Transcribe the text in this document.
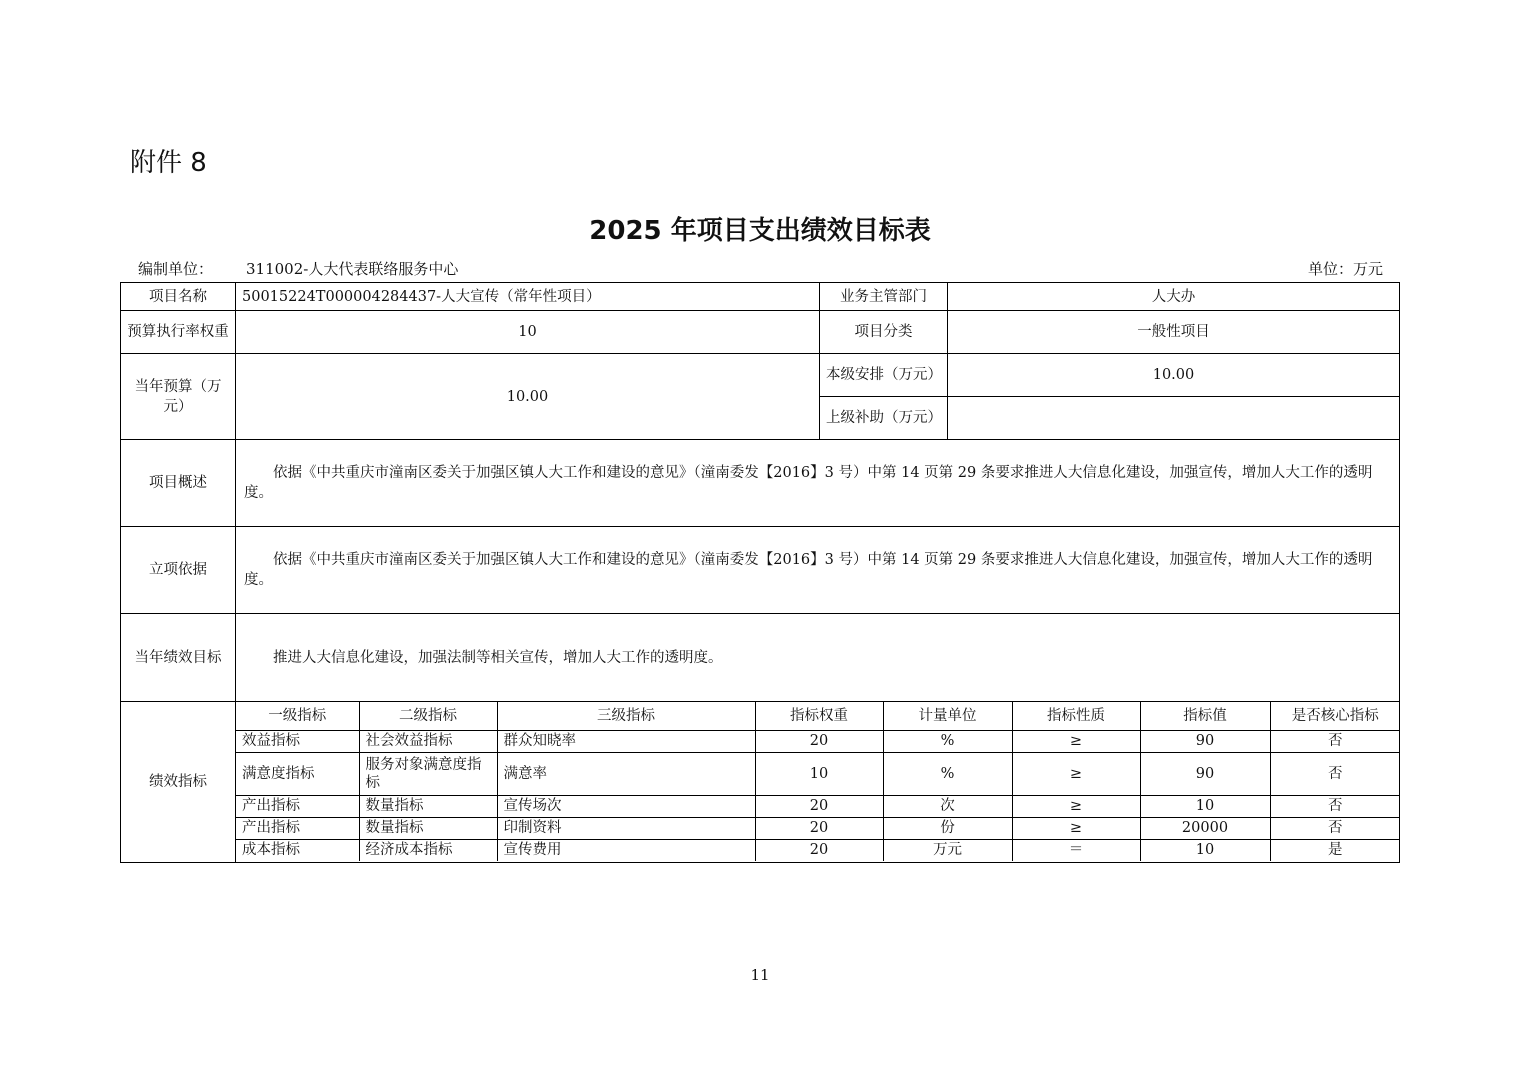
附件 8
2025 年项目支出绩效目标表
编制单位： 311002-人大代表联络服务中心	单位：万元
项目名称	50015224T000004284437-人大宣传（常年性项目）	业务主管部门	人大办
预算执行率权重	10	项目分类	一般性项目
当年预算（万元）	10.00	本级安排（万元）	10.00
上级补助（万元）	
项目概述	依据《中共重庆市潼南区委关于加强区镇人大工作和建设的意见》（潼南委发【2016】3 号）中第 14 页第 29 条要求推进人大信息化建设，加强宣传，增加人大工作的透明度。
立项依据	依据《中共重庆市潼南区委关于加强区镇人大工作和建设的意见》（潼南委发【2016】3 号）中第 14 页第 29 条要求推进人大信息化建设，加强宣传，增加人大工作的透明度。
当年绩效目标	推进人大信息化建设，加强法制等相关宣传，增加人大工作的透明度。
绩效指标	
一级指标	二级指标	三级指标	指标权重	计量单位	指标性质	指标值	是否核心指标
效益指标	社会效益指标	群众知晓率	20	%	≥	90	否
满意度指标	服务对象满意度指标	满意率	10	%	≥	90	否
产出指标	数量指标	宣传场次	20	次	≥	10	否
产出指标	数量指标	印制资料	20	份	≥	20000	否
成本指标	经济成本指标	宣传费用	20	万元	＝	10	是
11
